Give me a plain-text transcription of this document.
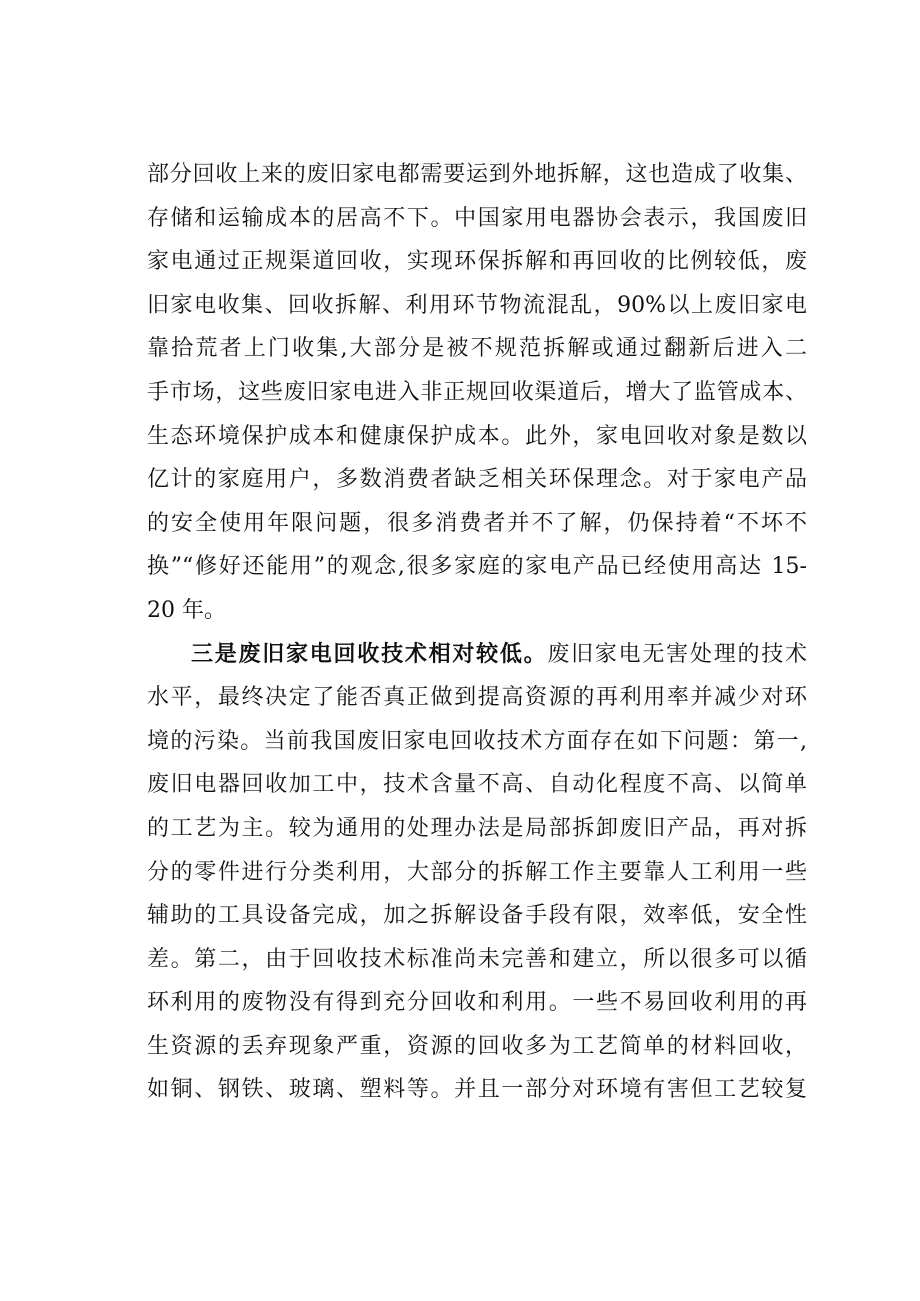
部分回收上来的废旧家电都需要运到外地拆解，这也造成了收集、
存储和运输成本的居高不下。中国家用电器协会表示，我国废旧
家电通过正规渠道回收，实现环保拆解和再回收的比例较低，废
旧家电收集、回收拆解、利用环节物流混乱，90%以上废旧家电
靠拾荒者上门收集,大部分是被不规范拆解或通过翻新后进入二
手市场，这些废旧家电进入非正规回收渠道后，增大了监管成本、
生态环境保护成本和健康保护成本。此外，家电回收对象是数以
亿计的家庭用户，多数消费者缺乏相关环保理念。对于家电产品
的安全使用年限问题，很多消费者并不了解，仍保持着“不坏不
换”“修好还能用”的观念,很多家庭的家电产品已经使用高达 15-
20 年。
三是废旧家电回收技术相对较低。废旧家电无害处理的技术
水平，最终决定了能否真正做到提高资源的再利用率并减少对环
境的污染。当前我国废旧家电回收技术方面存在如下问题：第一,
废旧电器回收加工中，技术含量不高、自动化程度不高、以简单
的工艺为主。较为通用的处理办法是局部拆卸废旧产品，再对拆
分的零件进行分类利用，大部分的拆解工作主要靠人工利用一些
辅助的工具设备完成，加之拆解设备手段有限，效率低，安全性
差。第二，由于回收技术标准尚未完善和建立，所以很多可以循
环利用的废物没有得到充分回收和利用。一些不易回收利用的再
生资源的丢弃现象严重，资源的回收多为工艺简单的材料回收，
如铜、钢铁、玻璃、塑料等。并且一部分对环境有害但工艺较复
